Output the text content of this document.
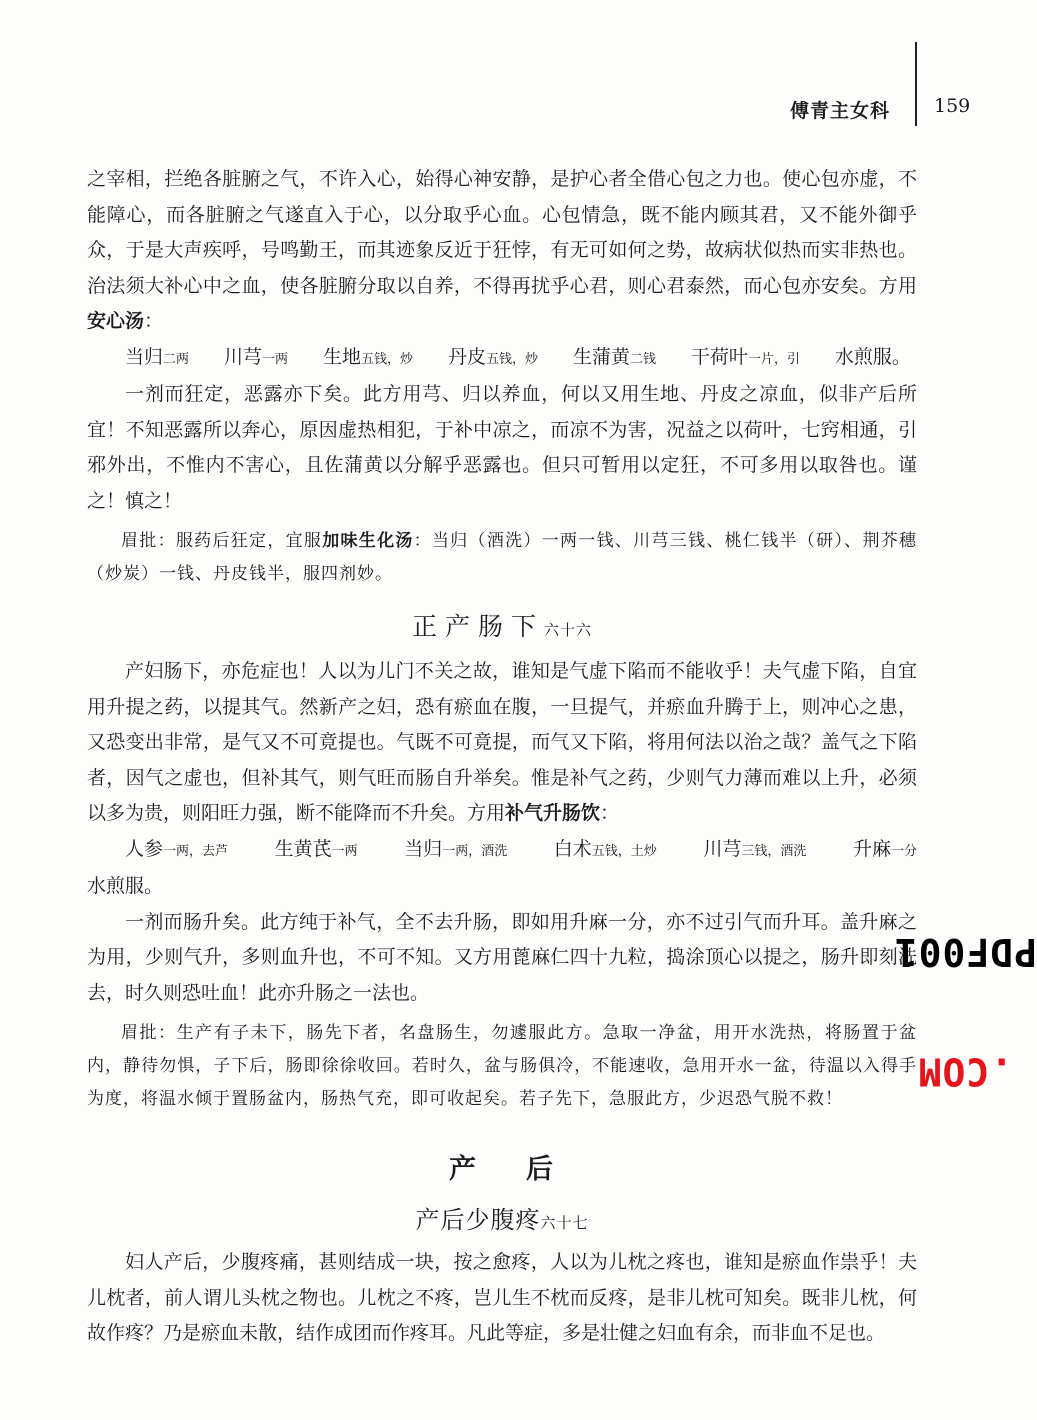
傅青主女科 159

之宰相，拦绝各脏腑之气，不许入心，始得心神安静，是护心者全借心包之力也。使心包亦虚，不能障心，而各脏腑之气遂直入于心，以分取乎心血。心包情急，既不能内顾其君，又不能外御乎众，于是大声疾呼，号鸣勤王，而其迹象反近于狂悖，有无可如何之势，故病状似热而实非热也。治法须大补心中之血，使各脏腑分取以自养，不得再扰乎心君，则心君泰然，而心包亦安矣。方用安心汤：

当归二两 川芎一两 生地五钱，炒 丹皮五钱，炒 生蒲黄二钱 干荷叶一片，引 水煎服。

一剂而狂定，恶露亦下矣。此方用芎、归以养血，何以又用生地、丹皮之凉血，似非产后所宜！不知恶露所以奔心，原因虚热相犯，于补中凉之，而凉不为害，况益之以荷叶，七窍相通，引邪外出，不惟内不害心，且佐蒲黄以分解乎恶露也。但只可暂用以定狂，不可多用以取咎也。谨之！慎之！

眉批：服药后狂定，宜服加味生化汤：当归（酒洗）一两一钱、川芎三钱、桃仁钱半（研）、荆芥穗（炒炭）一钱、丹皮钱半，服四剂妙。

正产肠下六十六

产妇肠下，亦危症也！人以为儿门不关之故，谁知是气虚下陷而不能收乎！夫气虚下陷，自宜用升提之药，以提其气。然新产之妇，恐有瘀血在腹，一旦提气，并瘀血升腾于上，则冲心之患，又恐变出非常，是气又不可竟提也。气既不可竟提，而气又下陷，将用何法以治之哉？盖气之下陷者，因气之虚也，但补其气，则气旺而肠自升举矣。惟是补气之药，少则气力薄而难以上升，必须以多为贵，则阳旺力强，断不能降而不升矣。方用补气升肠饮：

人参一两，去芦 生黄芪一两 当归一两，酒洗 白术五钱，土炒 川芎三钱，酒洗 升麻一分

水煎服。

一剂而肠升矣。此方纯于补气，全不去升肠，即如用升麻一分，亦不过引气而升耳。盖升麻之为用，少则气升，多则血升也，不可不知。又方用蓖麻仁四十九粒，捣涂顶心以提之，肠升即刻洗去，时久则恐吐血！此亦升肠之一法也。

眉批：生产有子未下，肠先下者，名盘肠生，勿遽服此方。急取一净盆，用开水洗热，将肠置于盆内，静待勿惧，子下后，肠即徐徐收回。若时久，盆与肠俱冷，不能速收，急用开水一盆，待温以入得手为度，将温水倾于置肠盆内，肠热气充，即可收起矣。若子先下，急服此方，少迟恐气脱不救！

产后
产后少腹疼六十七

妇人产后，少腹疼痛，甚则结成一块，按之愈疼，人以为儿枕之疼也，谁知是瘀血作祟乎！夫儿枕者，前人谓儿头枕之物也。儿枕之不疼，岂儿生不枕而反疼，是非儿枕可知矣。既非儿枕，何故作疼？乃是瘀血未散，结作成团而作疼耳。凡此等症，多是壮健之妇血有余，而非血不足也。

PDF001.COM
